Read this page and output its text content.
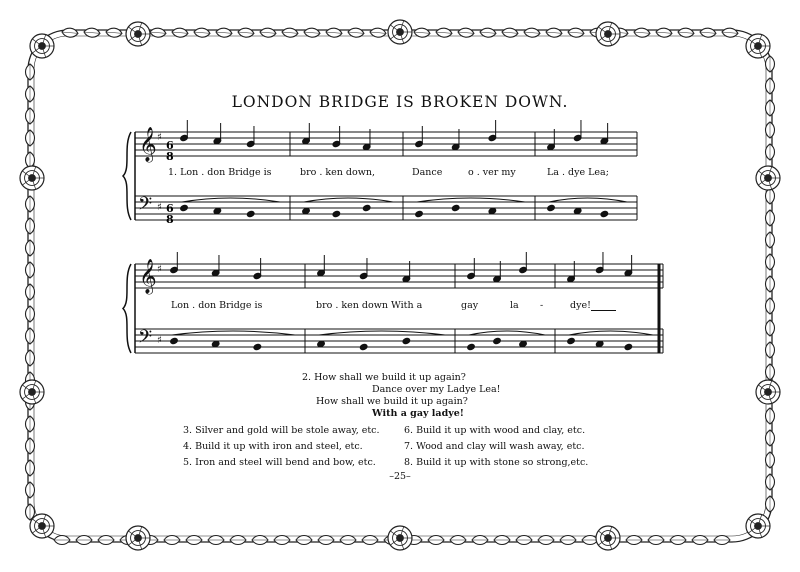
LONDON BRIDGE IS BROKEN DOWN.
𝄞
𝄢
♯
♯
𝄞
𝄢
♯
♯
6
8
6
8
1. Lon . don Bridge is	bro . ken down,	Dance	o . ver my	La . dye Lea;
Lon . don Bridge is	bro . ken down With a	gay	la -	dye!
2. How shall we build it up again?
Dance over my Ladye Lea!
How shall we build it up again?
With a gay ladye!
3. Silver and gold will be stole away, etc.
4. Build it up with iron and steel, etc.
5. Iron and steel will bend and bow, etc.
6. Build it up with wood and clay, etc.
7. Wood and clay will wash away, etc.
8. Build it up with stone so strong,etc.
–25–
